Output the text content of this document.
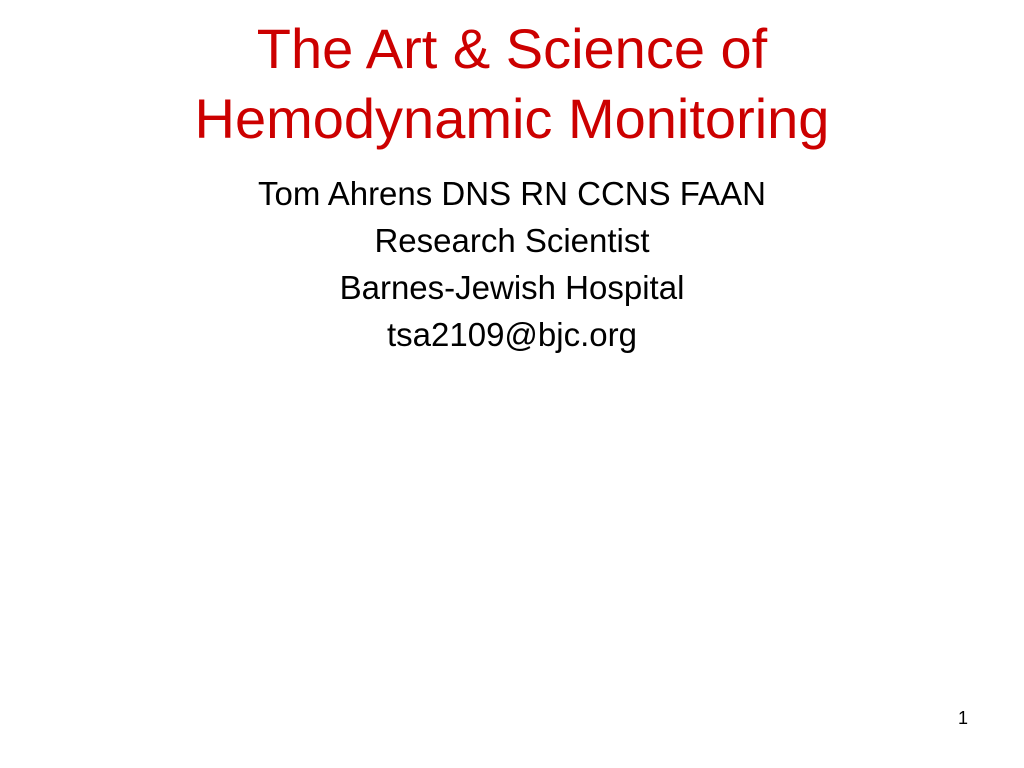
The Art & Science of
Hemodynamic Monitoring
Tom Ahrens DNS RN CCNS FAAN
Research Scientist
Barnes-Jewish Hospital
tsa2109@bjc.org
1
